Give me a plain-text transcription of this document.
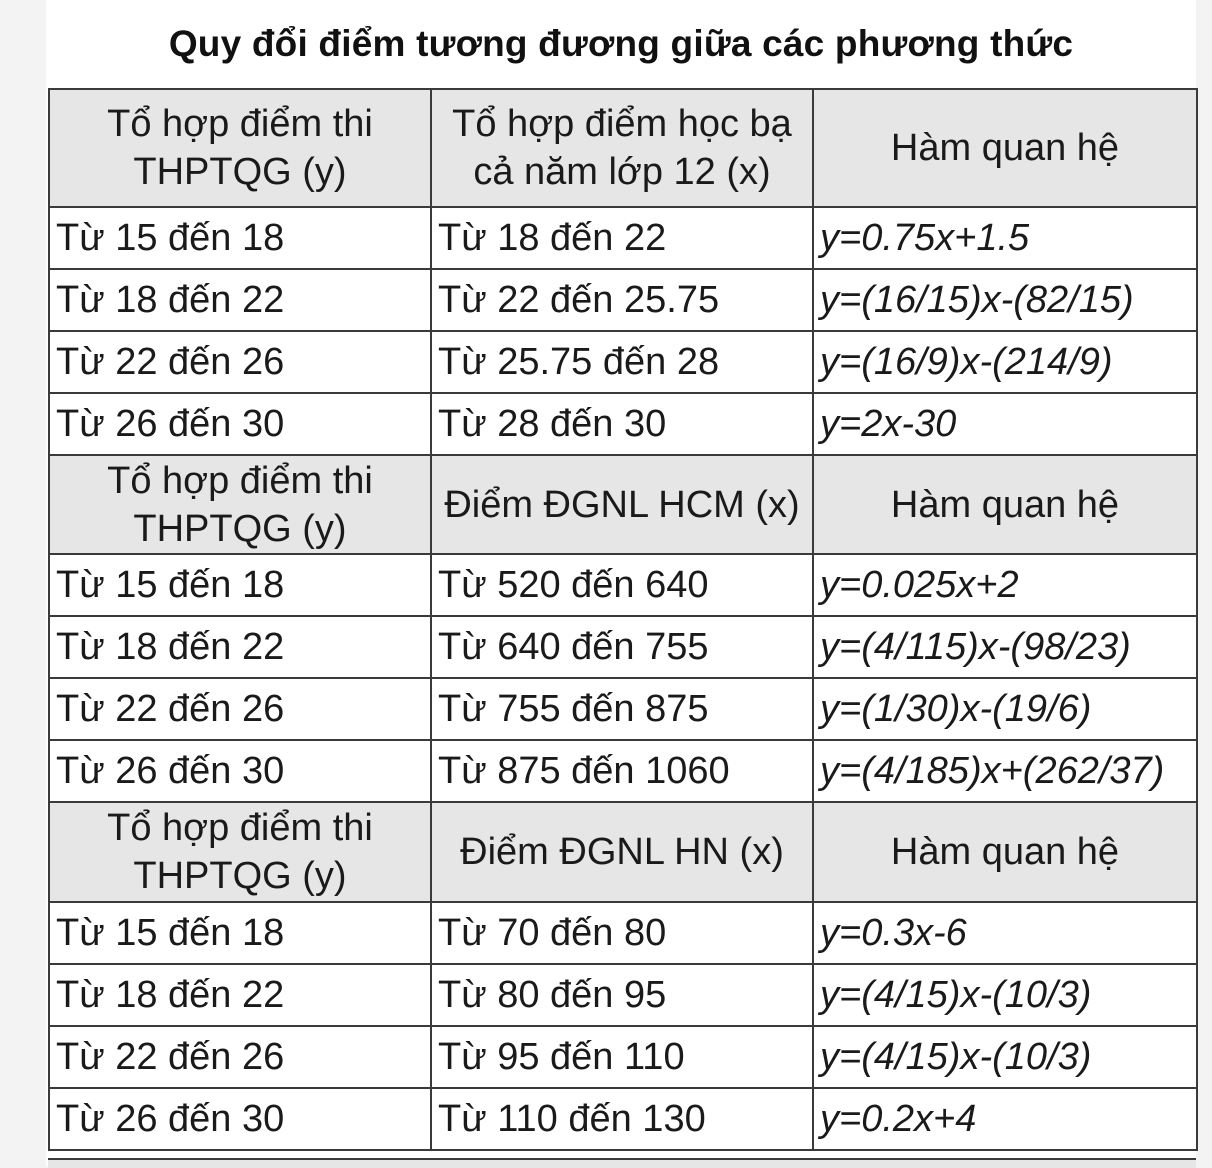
Quy đổi điểm tương đương giữa các phương thức
Tổ hợp điểm thi THPTQG (y)	Tổ hợp điểm học bạ cả năm lớp 12 (x)	Hàm quan hệ
Từ 15 đến 18	Từ 18 đến 22	y=0.75x+1.5
Từ 18 đến 22	Từ 22 đến 25.75	y=(16/15)x-(82/15)
Từ 22 đến 26	Từ 25.75 đến 28	y=(16/9)x-(214/9)
Từ 26 đến 30	Từ 28 đến 30	y=2x-30
Tổ hợp điểm thi THPTQG (y)	Điểm ĐGNL HCM (x)	Hàm quan hệ
Từ 15 đến 18	Từ 520 đến 640	y=0.025x+2
Từ 18 đến 22	Từ 640 đến 755	y=(4/115)x-(98/23)
Từ 22 đến 26	Từ 755 đến 875	y=(1/30)x-(19/6)
Từ 26 đến 30	Từ 875 đến 1060	y=(4/185)x+(262/37)
Tổ hợp điểm thi THPTQG (y)	Điểm ĐGNL HN (x)	Hàm quan hệ
Từ 15 đến 18	Từ 70 đến 80	y=0.3x-6
Từ 18 đến 22	Từ 80 đến 95	y=(4/15)x-(10/3)
Từ 22 đến 26	Từ 95 đến 110	y=(4/15)x-(10/3)
Từ 26 đến 30	Từ 110 đến 130	y=0.2x+4
